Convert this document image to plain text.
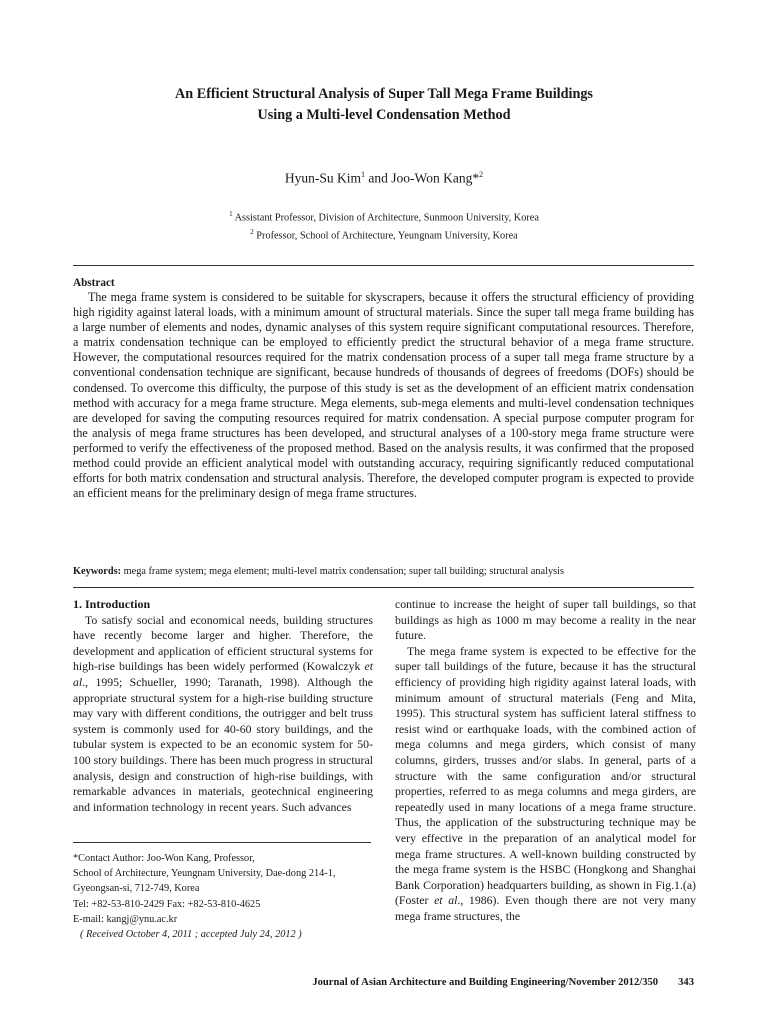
An Efficient Structural Analysis of Super Tall Mega Frame Buildings
Using a Multi-level Condensation Method
Hyun-Su Kim$^1$ and Joo-Won Kang*$^2$
$^1$ Assistant Professor, Division of Architecture, Sunmoon University, Korea
$^2$ Professor, School of Architecture, Yeungnam University, Korea
Abstract

The mega frame system is considered to be suitable for skyscrapers, because it offers the structural efficiency of providing high rigidity against lateral loads, with a minimum amount of structural materials. Since the super tall mega frame building has a large number of elements and nodes, dynamic analyses of this system require significant computational resources. Therefore, a matrix condensation technique can be employed to efficiently predict the structural behavior of a mega frame structure. However, the computational resources required for the matrix condensation process of a super tall mega frame structure by a conventional condensation technique are significant, because hundreds of thousands of degrees of freedoms (DOFs) should be condensed. To overcome this difficulty, the purpose of this study is set as the development of an efficient matrix condensation method with accuracy for a mega frame structure. Mega elements, sub-mega elements and multi-level condensation techniques are developed for saving the computing resources required for matrix condensation. A special purpose computer program for the analysis of mega frame structures has been developed, and structural analyses of a 100-story mega frame structure were performed to verify the effectiveness of the proposed method. Based on the analysis results, it was confirmed that the proposed method could provide an efficient analytical model with outstanding accuracy, requiring significantly reduced computational efforts for both matrix condensation and structural analysis. Therefore, the developed computer program is expected to provide an efficient means for the preliminary design of mega frame structures.

Keywords: mega frame system; mega element; multi-level matrix condensation; super tall building; structural analysis

1. Introduction

To satisfy social and economical needs, building structures have recently become larger and higher. Therefore, the development and application of efficient structural systems for high-rise buildings has been widely performed (Kowalczyk et al., 1995; Schueller, 1990; Taranath, 1998). Although the appropriate structural system for a high-rise building structure may vary with different conditions, the outrigger and belt truss system is commonly used for 40-60 story buildings, and the tubular system is expected to be an economic system for 50-100 story buildings. There has been much progress in structural analysis, design and construction of high-rise buildings, with remarkable advances in materials, geotechnical engineering and information technology in recent years. Such advances

*Contact Author: Joo-Won Kang, Professor,
School of Architecture, Yeungnam University, Dae-dong 214-1,
Gyeongsan-si, 712-749, Korea
Tel: +82-53-810-2429 Fax: +82-53-810-4625
E-mail: kangj@ynu.ac.kr
( Received October 4, 2011 ; accepted July 24, 2012 )

continue to increase the height of super tall buildings, so that buildings as high as 1000 m may become a reality in the near future.

The mega frame system is expected to be effective for the super tall buildings of the future, because it has the structural efficiency of providing high rigidity against lateral loads, with minimum amount of structural materials (Feng and Mita, 1995). This structural system has sufficient lateral stiffness to resist wind or earthquake loads, with the combined action of mega columns and mega girders, which consist of many columns, girders, trusses and/or slabs. In general, parts of a structure with the same configuration and/or structural properties, referred to as mega columns and mega girders, are repeatedly used in many locations of a mega frame structure. Thus, the application of the substructuring technique may be very effective in the preparation of an analytical model for mega frame structures. A well-known building constructed by the mega frame system is the HSBC (Hongkong and Shanghai Bank Corporation) headquarters building, as shown in Fig.1.(a) (Foster et al., 1986). Even though there are not very many mega frame structures, the

Journal of Asian Architecture and Building Engineering/November 2012/350 343
